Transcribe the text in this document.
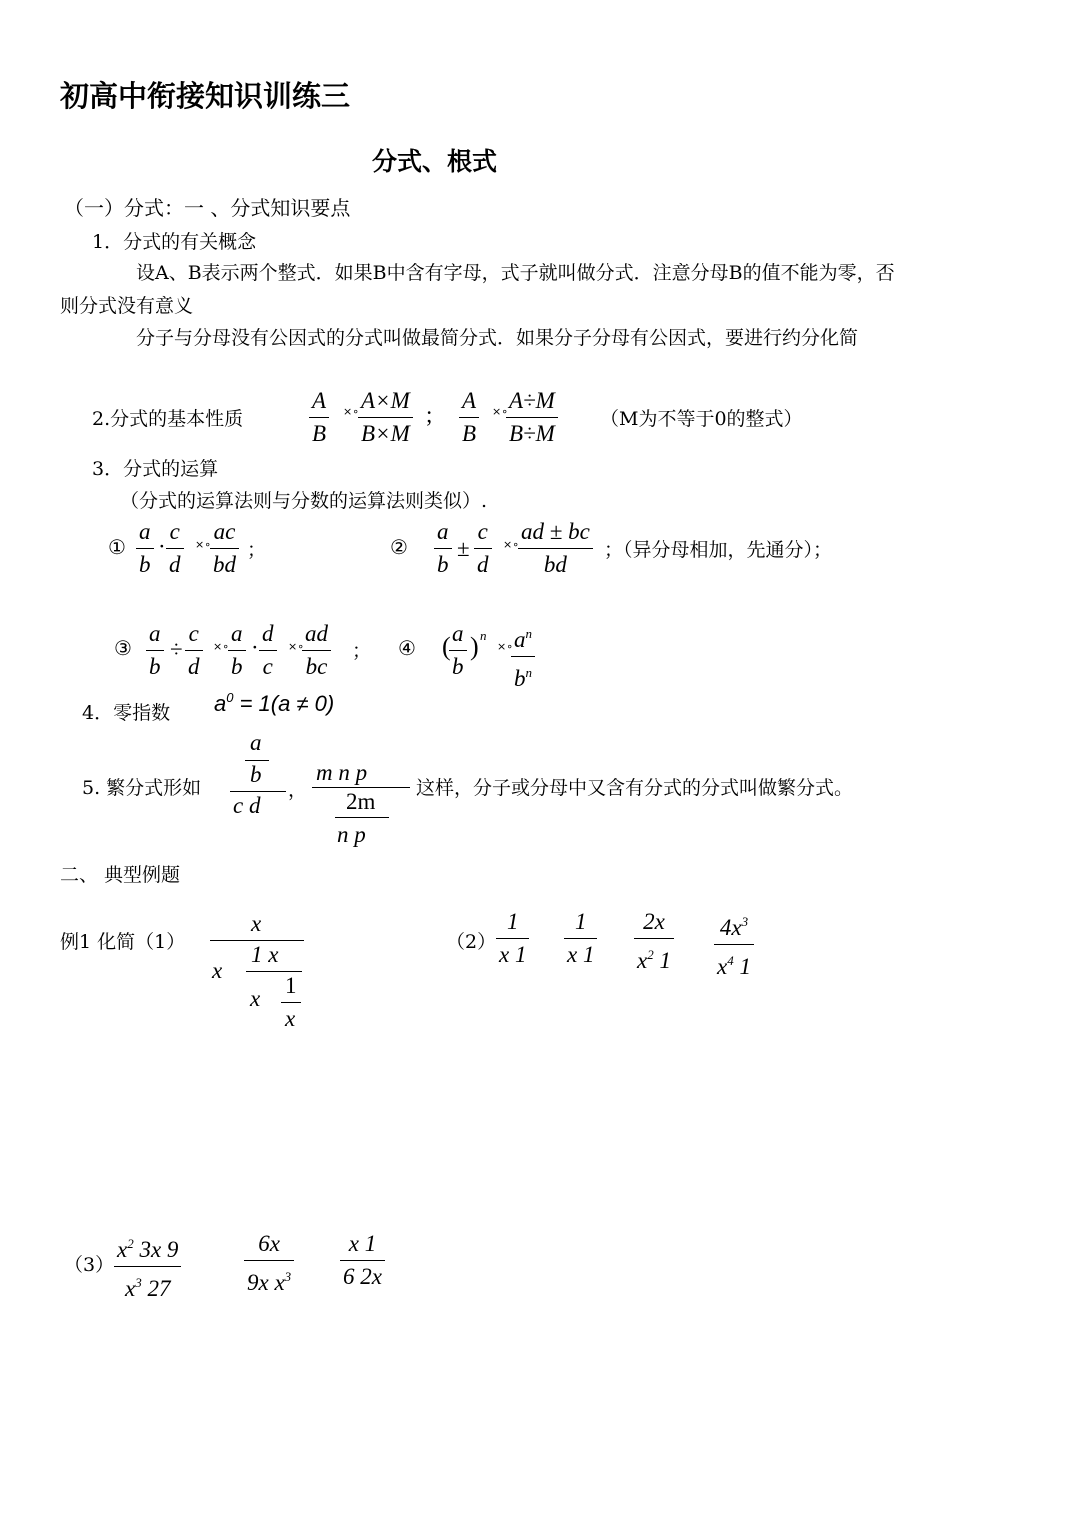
初高中衔接知识训练三
分式、根式
（一）分式：一 、分式知识要点
1．分式的有关概念
设A、B表示两个整式．如果B中含有字母，式子就叫做分式．注意分母B的值不能为零，否
则分式没有意义
分子与分母没有公因式的分式叫做最简分式．如果分子分母有公因式，要进行约分化简
2.分式的基本性质
A
B
×∘ A×M
B×M
;
A
B
×∘ A÷M
B÷M
（M为不等于0的整式）
3．分式的运算
（分式的运算法则与分数的运算法则类似）.
①
a
b
·
c
d
×∘
ac
bd
；	②
a
b
±
c
d
×∘
ad ± bc
bd
；（异分母相加，先通分）；
③
a
b
÷
c
d
×∘
a
b
·
d
c
×∘
ad
bc
； ④ ( a
b
) n
×∘ $a^n$
$b^n$
4．零指数 $a^0 = 1(a \ne 0)$
5. 繁分式形如
a
b
c d
，
m n p
2m
n p
这样，分子或分母中又含有分式的分式叫做繁分式。
二、 典型例题
例1 化简（1）
x
x
1 x
x
1
x
（2）
1
x 1
1
x 1
2x
$x^2$ 1
$4x^3$
$x^4$ 1
（3）
$x^2$ 3x 9
$x^3$ 27
6x
9x $x^3$
x 1
6 2x
